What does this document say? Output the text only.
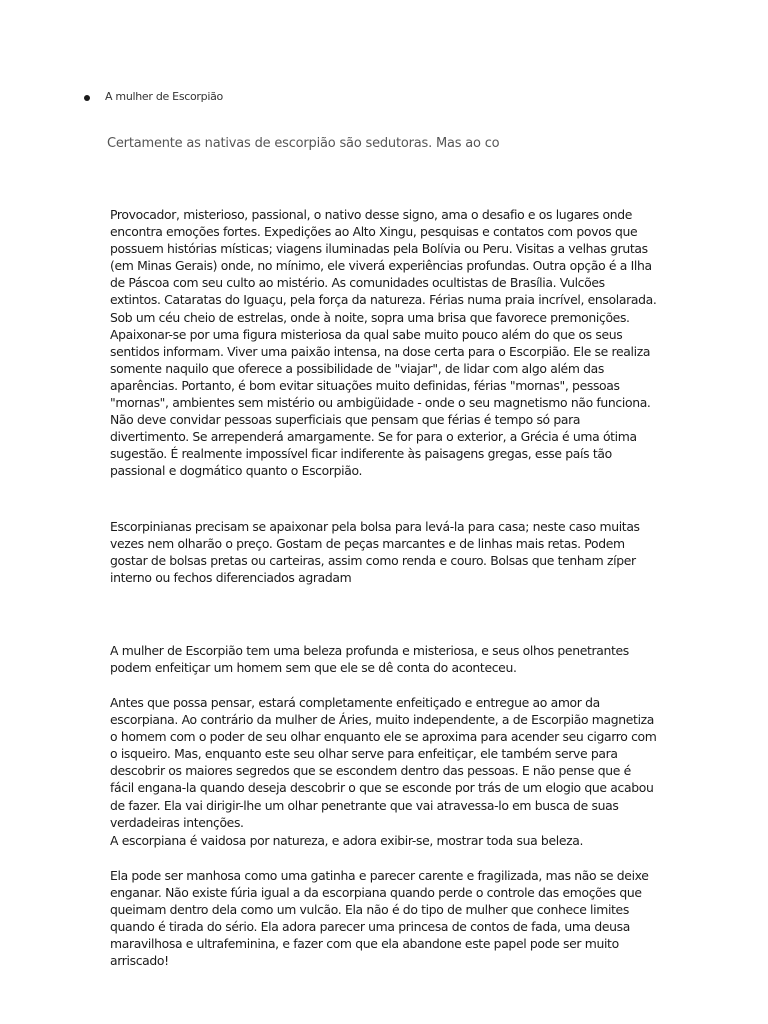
A mulher de Escorpião
Certamente as nativas de escorpião são sedutoras. Mas ao co

Provocador, misterioso, passional, o nativo desse signo, ama o desafio e os lugares onde encontra emoções fortes. Expedições ao Alto Xingu, pesquisas e contatos com povos que possuem histórias místicas; viagens iluminadas pela Bolívia ou Peru. Visitas a velhas grutas (em Minas Gerais) onde, no mínimo, ele viverá experiências profundas. Outra opção é a Ilha de Páscoa com seu culto ao mistério. As comunidades ocultistas de Brasília. Vulcões extintos. Cataratas do Iguaçu, pela força da natureza. Férias numa praia incrível, ensolarada. Sob um céu cheio de estrelas, onde à noite, sopra uma brisa que favorece premonições. Apaixonar-se por uma figura misteriosa da qual sabe muito pouco além do que os seus sentidos informam. Viver uma paixão intensa, na dose certa para o Escorpião. Ele se realiza somente naquilo que oferece a possibilidade de "viajar", de lidar com algo além das aparências. Portanto, é bom evitar situações muito definidas, férias "mornas", pessoas "mornas", ambientes sem mistério ou ambigüidade - onde o seu magnetismo não funciona. Não deve convidar pessoas superficiais que pensam que férias é tempo só para divertimento. Se arrependerá amargamente. Se for para o exterior, a Grécia é uma ótima sugestão. É realmente impossível ficar indiferente às paisagens gregas, esse país tão passional e dogmático quanto o Escorpião.

Escorpinianas precisam se apaixonar pela bolsa para levá-la para casa; neste caso muitas vezes nem olharão o preço. Gostam de peças marcantes e de linhas mais retas. Podem gostar de bolsas pretas ou carteiras, assim como renda e couro. Bolsas que tenham zíper interno ou fechos diferenciados agradam

A mulher de Escorpião tem uma beleza profunda e misteriosa, e seus olhos penetrantes podem enfeitiçar um homem sem que ele se dê conta do aconteceu.

Antes que possa pensar, estará completamente enfeitiçado e entregue ao amor da escorpiana. Ao contrário da mulher de Áries, muito independente, a de Escorpião magnetiza o homem com o poder de seu olhar enquanto ele se aproxima para acender seu cigarro com o isqueiro. Mas, enquanto este seu olhar serve para enfeitiçar, ele também serve para descobrir os maiores segredos que se escondem dentro das pessoas. E não pense que é fácil engana-la quando deseja descobrir o que se esconde por trás de um elogio que acabou de fazer. Ela vai dirigir-lhe um olhar penetrante que vai atravessa-lo em busca de suas verdadeiras intenções.

A escorpiana é vaidosa por natureza, e adora exibir-se, mostrar toda sua beleza.

Ela pode ser manhosa como uma gatinha e parecer carente e fragilizada, mas não se deixe enganar. Não existe fúria igual a da escorpiana quando perde o controle das emoções que queimam dentro dela como um vulcão. Ela não é do tipo de mulher que conhece limites quando é tirada do sério. Ela adora parecer uma princesa de contos de fada, uma deusa maravilhosa e ultrafeminina, e fazer com que ela abandone este papel pode ser muito arriscado!
